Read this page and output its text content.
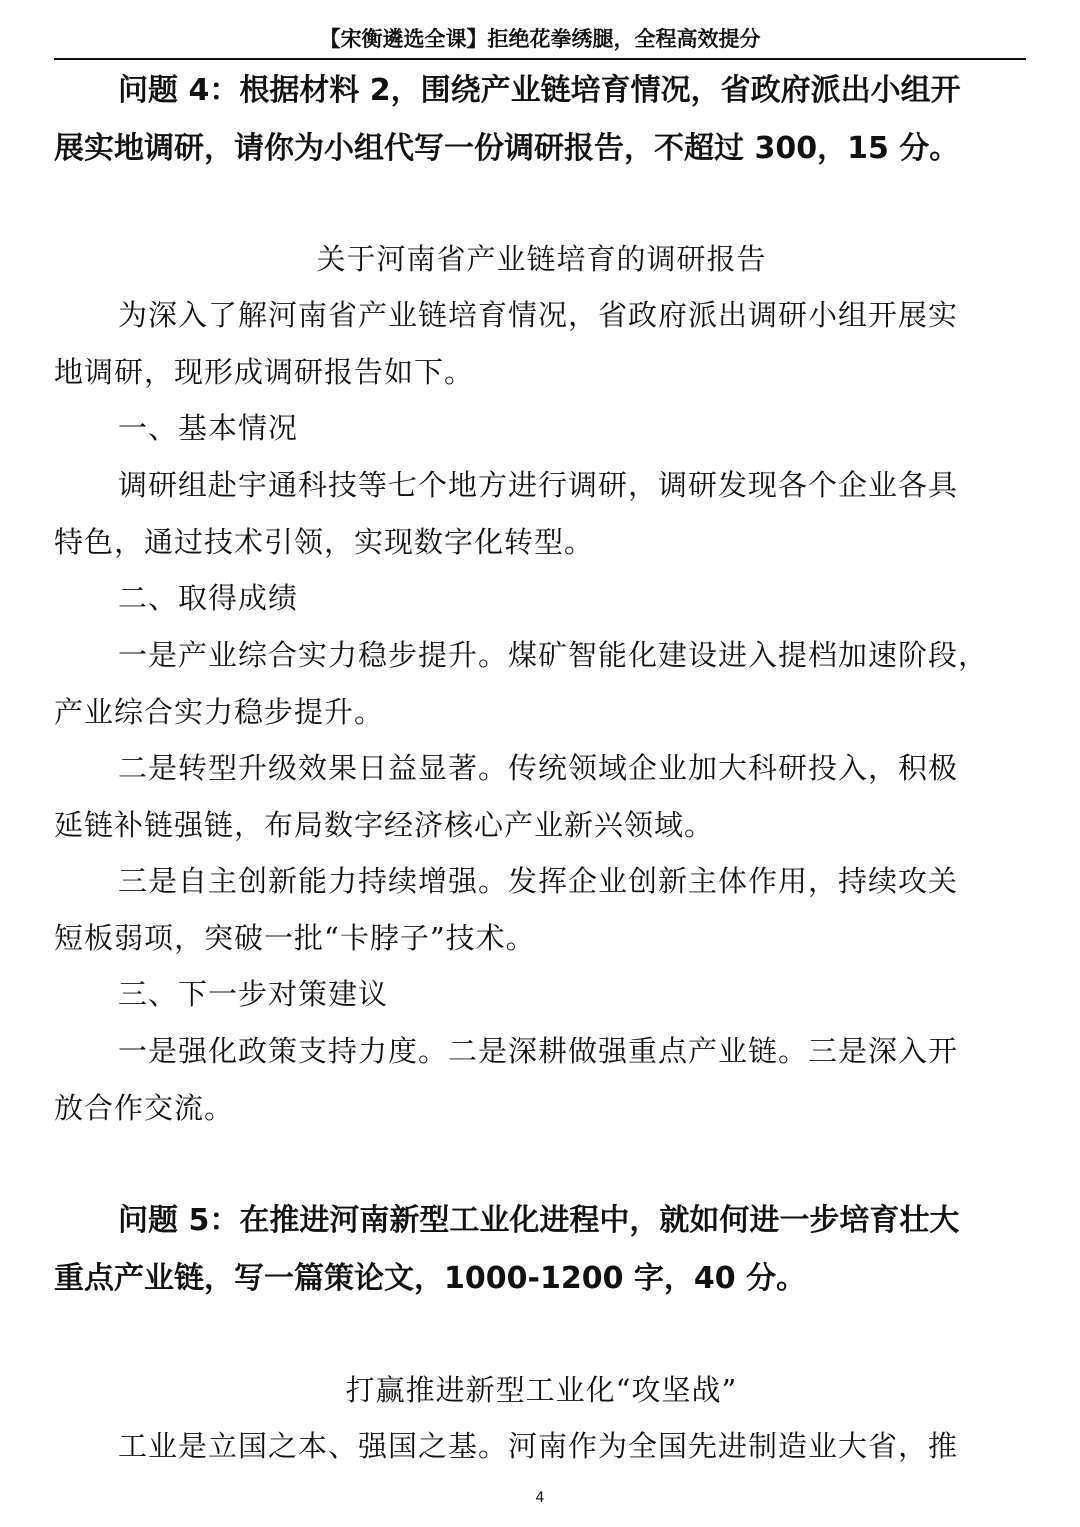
【宋衡遴选全课】拒绝花拳绣腿，全程高效提分

问题 4：根据材料 2，围绕产业链培育情况，省政府派出小组开
展实地调研，请你为小组代写一份调研报告，不超过 300，15 分。

关于河南省产业链培育的调研报告

为深入了解河南省产业链培育情况，省政府派出调研小组开展实
地调研，现形成调研报告如下。

一、基本情况

调研组赴宇通科技等七个地方进行调研，调研发现各个企业各具
特色，通过技术引领，实现数字化转型。

二、取得成绩

一是产业综合实力稳步提升。煤矿智能化建设进入提档加速阶段，
产业综合实力稳步提升。

二是转型升级效果日益显著。传统领域企业加大科研投入，积极
延链补链强链，布局数字经济核心产业新兴领域。

三是自主创新能力持续增强。发挥企业创新主体作用，持续攻关
短板弱项，突破一批“卡脖子”技术。

三、下一步对策建议

一是强化政策支持力度。二是深耕做强重点产业链。三是深入开
放合作交流。

问题 5：在推进河南新型工业化进程中，就如何进一步培育壮大
重点产业链，写一篇策论文，1000-1200 字，40 分。

打赢推进新型工业化“攻坚战”

工业是立国之本、强国之基。河南作为全国先进制造业大省，推

4
